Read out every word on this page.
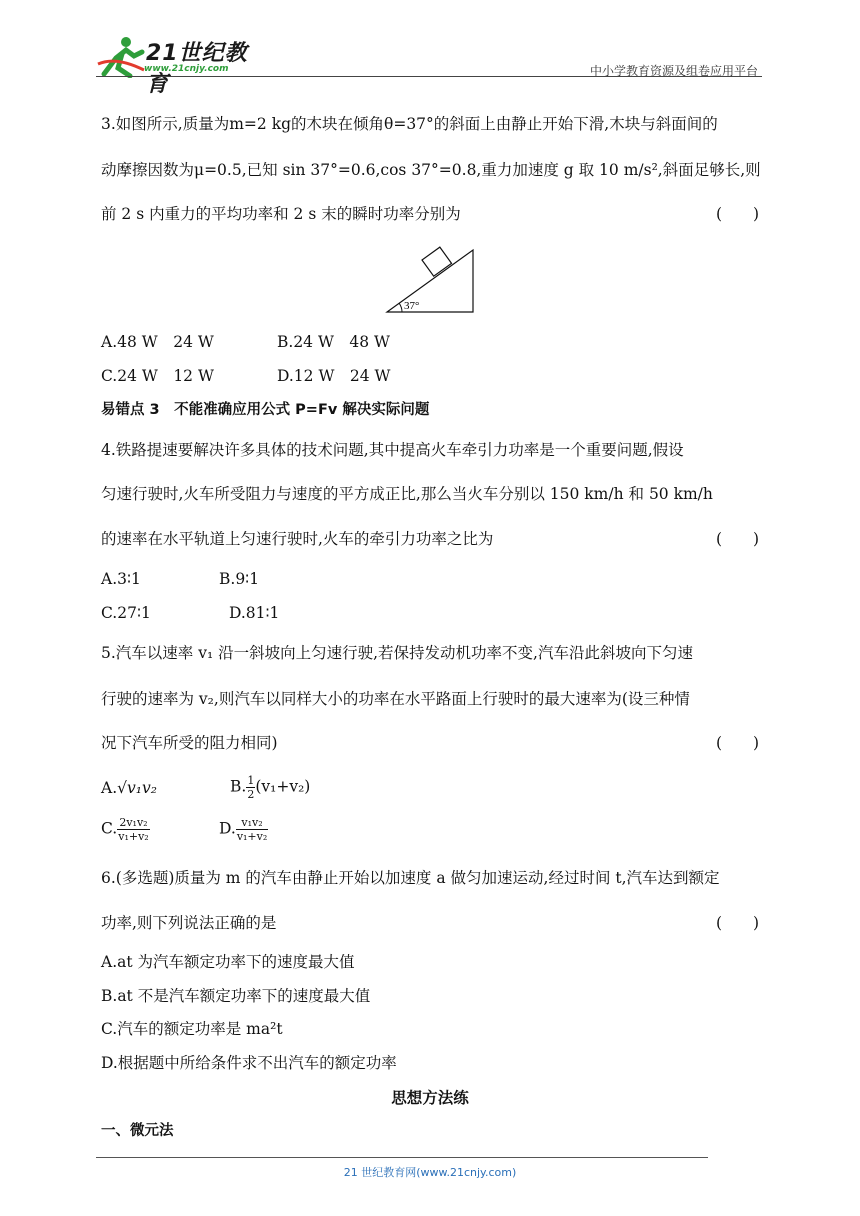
21世纪教育
www.21cnjy.com	中小学教育资源及组卷应用平台
3.如图所示,质量为m=2 kg的木块在倾角θ=37°的斜面上由静止开始下滑,木块与斜面间的
动摩擦因数为μ=0.5,已知 sin 37°=0.6,cos 37°=0.8,重力加速度 g 取 10 m/s²,斜面足够长,则
前 2 s 内重力的平均功率和 2 s 末的瞬时功率分别为	(　　)
37°
A.48 W　24 W	B.24 W　48 W
C.24 W　12 W	D.12 W　24 W
易错点 3　不能准确应用公式 P=Fv 解决实际问题
4.铁路提速要解决许多具体的技术问题,其中提高火车牵引力功率是一个重要问题,假设
匀速行驶时,火车所受阻力与速度的平方成正比,那么当火车分别以 150 km/h 和 50 km/h
的速率在水平轨道上匀速行驶时,火车的牵引力功率之比为	(　　)
A.3∶1	B.9∶1
C.27∶1	D.81∶1
5.汽车以速率 v₁ 沿一斜坡向上匀速行驶,若保持发动机功率不变,汽车沿此斜坡向下匀速
行驶的速率为 v₂,则汽车以同样大小的功率在水平路面上行驶时的最大速率为(设三种情
况下汽车所受的阻力相同)	(　　)
A.√v₁v₂	B. $\frac{1}{2} (v_1+v_2)$
C. $\frac{\text{2v₁v₂}}{\text{v₁+v₂}}$	D. $\frac{\text{v₁v₂}}{\text{v₁+v₂}}$
6.(多选题)质量为 m 的汽车由静止开始以加速度 a 做匀加速运动,经过时间 t,汽车达到额定
功率,则下列说法正确的是	(　　)
A.at 为汽车额定功率下的速度最大值
B.at 不是汽车额定功率下的速度最大值
C.汽车的额定功率是 ma²t
D.根据题中所给条件求不出汽车的额定功率
思想方法练
一、微元法
21 世纪教育网(www.21cnjy.com)
